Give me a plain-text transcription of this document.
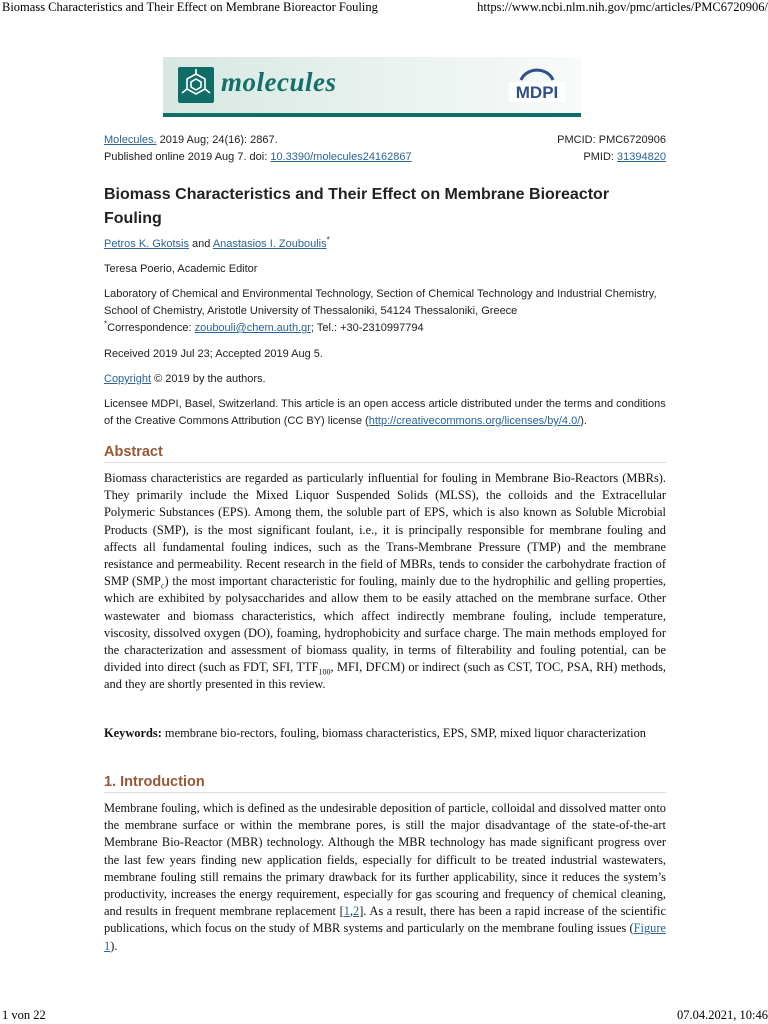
Biomass Characteristics and Their Effect on Membrane Bioreactor Fouling	https://www.ncbi.nlm.nih.gov/pmc/articles/PMC6720906/
molecules	MDPI
Molecules. 2019 Aug; 24(16): 2867.	PMCID: PMC6720906
Published online 2019 Aug 7. doi: 10.3390/molecules24162867	PMID: 31394820
Biomass Characteristics and Their Effect on Membrane Bioreactor Fouling
Petros K. Gkotsis and Anastasios I. Zouboulis*
Teresa Poerio, Academic Editor
Laboratory of Chemical and Environmental Technology, Section of Chemical Technology and Industrial Chemistry, School of Chemistry, Aristotle University of Thessaloniki, 54124 Thessaloniki, Greece
*Correspondence: zoubouli@chem.auth.gr; Tel.: +30-2310997794
Received 2019 Jul 23; Accepted 2019 Aug 5.
Copyright © 2019 by the authors.
Licensee MDPI, Basel, Switzerland. This article is an open access article distributed under the terms and conditions of the Creative Commons Attribution (CC BY) license (http://creativecommons.org/licenses/by/4.0/).
Abstract
Biomass characteristics are regarded as particularly influential for fouling in Membrane Bio-Reactors (MBRs). They primarily include the Mixed Liquor Suspended Solids (MLSS), the colloids and the Extracellular Polymeric Substances (EPS). Among them, the soluble part of EPS, which is also known as Soluble Microbial Products (SMP), is the most significant foulant, i.e., it is principally responsible for membrane fouling and affects all fundamental fouling indices, such as the Trans-Membrane Pressure (TMP) and the membrane resistance and permeability. Recent research in the field of MBRs, tends to consider the carbohydrate fraction of SMP $(SMP_c)$ the most important characteristic for fouling, mainly due to the hydrophilic and gelling properties, which are exhibited by polysaccharides and allow them to be easily attached on the membrane surface. Other wastewater and biomass characteristics, which affect indirectly membrane fouling, include temperature, viscosity, dissolved oxygen (DO), foaming, hydrophobicity and surface charge. The main methods employed for the characterization and assessment of biomass quality, in terms of filterability and fouling potential, can be divided into direct (such as FDT, SFI, $TTF_{100}$, MFI, DFCM) or indirect (such as CST, TOC, PSA, RH) methods, and they are shortly presented in this review.
Keywords: membrane bio-rectors, fouling, biomass characteristics, EPS, SMP, mixed liquor characterization
1. Introduction
Membrane fouling, which is defined as the undesirable deposition of particle, colloidal and dissolved matter onto the membrane surface or within the membrane pores, is still the major disadvantage of the state-of-the-art Membrane Bio-Reactor (MBR) technology. Although the MBR technology has made significant progress over the last few years finding new application fields, especially for difficult to be treated industrial wastewaters, membrane fouling still remains the primary drawback for its further applicability, since it reduces the system’s productivity, increases the energy requirement, especially for gas scouring and frequency of chemical cleaning, and results in frequent membrane replacement [1,2]. As a result, there has been a rapid increase of the scientific publications, which focus on the study of MBR systems and particularly on the membrane fouling issues (Figure 1).
1 von 22	07.04.2021, 10:46
